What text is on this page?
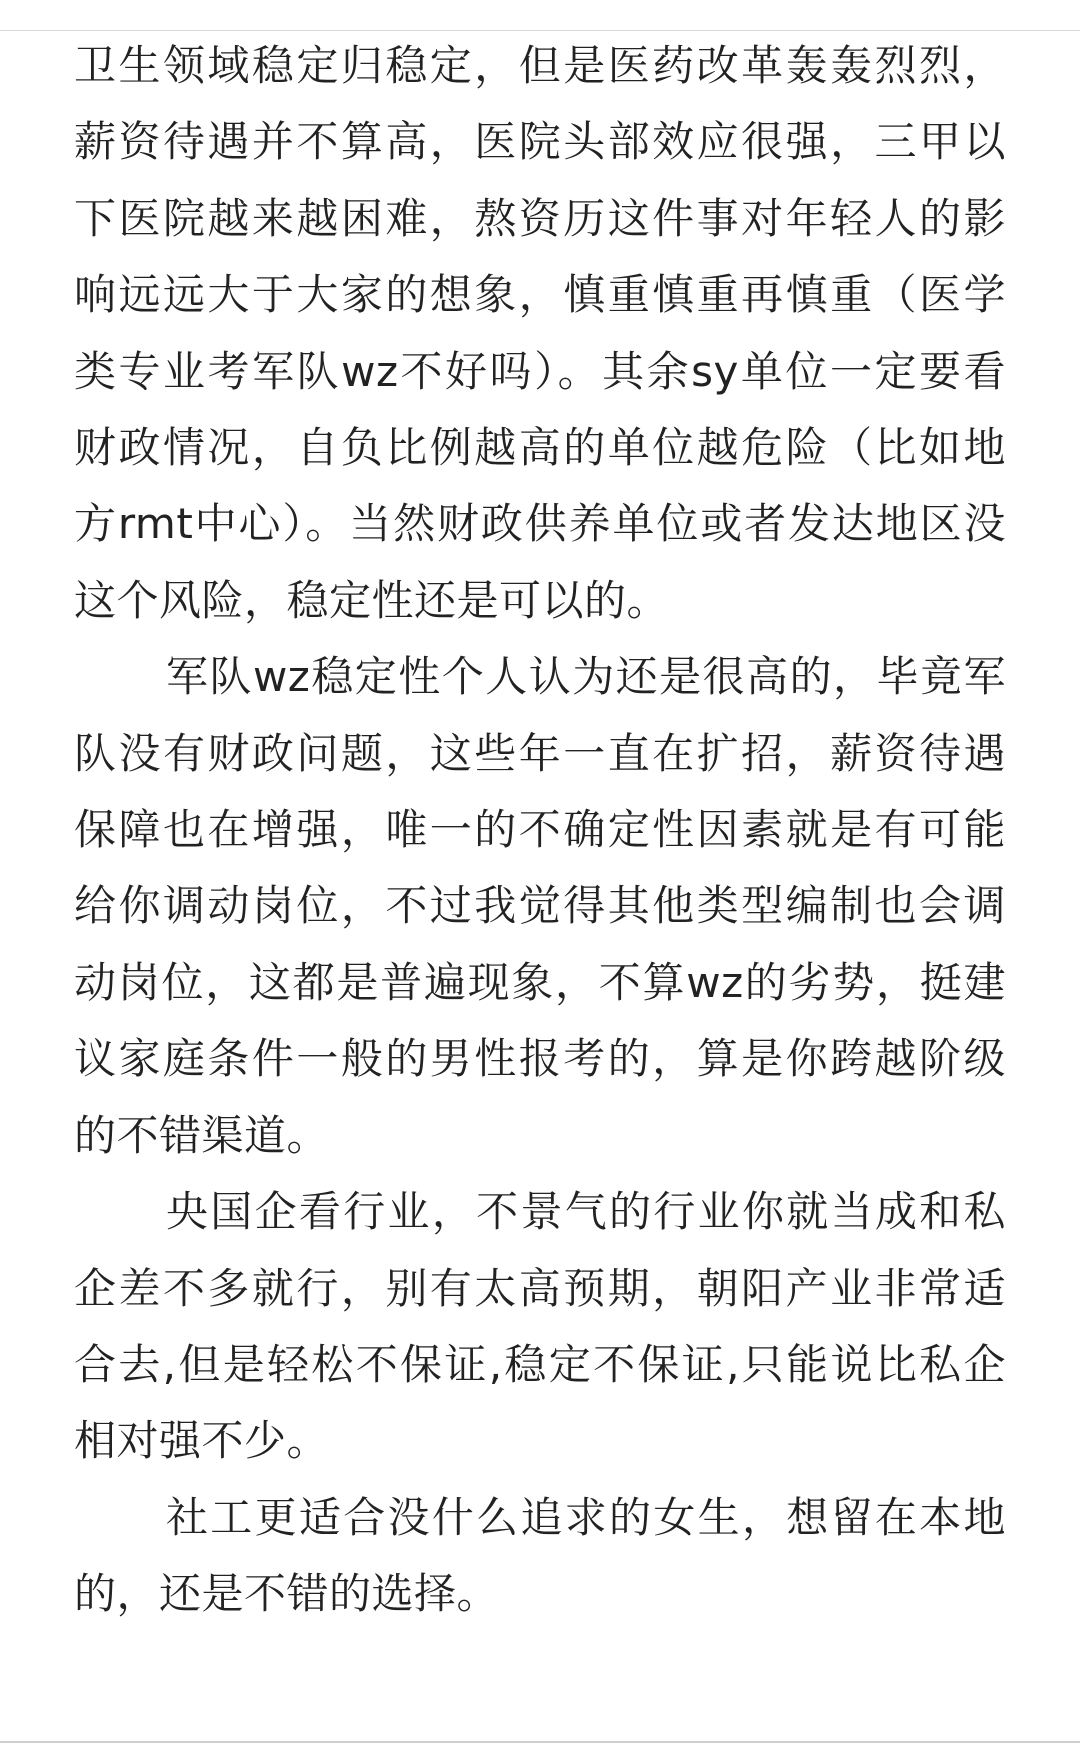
卫生领域稳定归稳定，但是医药改革轰轰烈烈，薪资待遇并不算高，医院头部效应很强，三甲以下医院越来越困难，熬资历这件事对年轻人的影响远远大于大家的想象，慎重慎重再慎重（医学类专业考军队wz不好吗）。其余sy单位一定要看财政情况，自负比例越高的单位越危险（比如地方rmt中心）。当然财政供养单位或者发达地区没这个风险，稳定性还是可以的。

军队wz稳定性个人认为还是很高的，毕竟军队没有财政问题，这些年一直在扩招，薪资待遇保障也在增强，唯一的不确定性因素就是有可能给你调动岗位，不过我觉得其他类型编制也会调动岗位，这都是普遍现象，不算wz的劣势，挺建议家庭条件一般的男性报考的，算是你跨越阶级的不错渠道。

央国企看行业，不景气的行业你就当成和私企差不多就行，别有太高预期，朝阳产业非常适合去,但是轻松不保证,稳定不保证,只能说比私企相对强不少。

社工更适合没什么追求的女生，想留在本地的，还是不错的选择。
